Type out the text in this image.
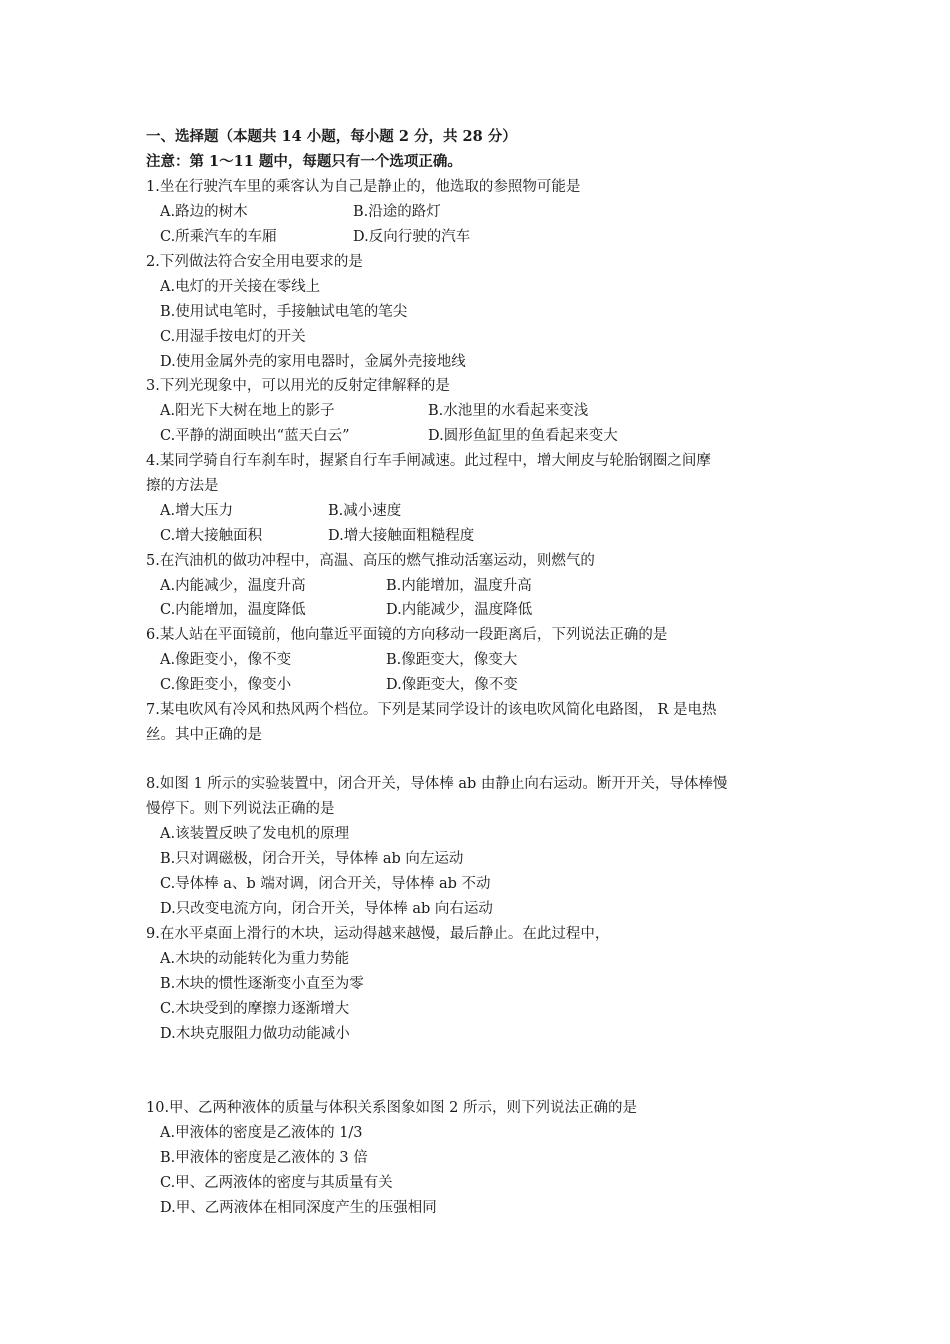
一、选择题（本题共 14 小题，每小题 2 分，共 28 分）
注意：第 1～11 题中，每题只有一个选项正确。
1.坐在行驶汽车里的乘客认为自己是静止的，他选取的参照物可能是
A.路边的树木	B.沿途的路灯
C.所乘汽车的车厢	D.反向行驶的汽车
2.下列做法符合安全用电要求的是
A.电灯的开关接在零线上
B.使用试电笔时，手接触试电笔的笔尖
C.用湿手按电灯的开关
D.使用金属外壳的家用电器时，金属外壳接地线
3.下列光现象中，可以用光的反射定律解释的是
A.阳光下大树在地上的影子	B.水池里的水看起来变浅
C.平静的湖面映出“蓝天白云”	D.圆形鱼缸里的鱼看起来变大
4.某同学骑自行车刹车时，握紧自行车手闸减速。此过程中，增大闸皮与轮胎钢圈之间摩
擦的方法是
A.增大压力	B.减小速度
C.增大接触面积	D.增大接触面粗糙程度
5.在汽油机的做功冲程中，高温、高压的燃气推动活塞运动，则燃气的
A.内能减少，温度升高	B.内能增加，温度升高
C.内能增加，温度降低	D.内能减少，温度降低
6.某人站在平面镜前，他向靠近平面镜的方向移动一段距离后，下列说法正确的是
A.像距变小，像不变	B.像距变大，像变大
C.像距变小，像变小	D.像距变大，像不变
7.某电吹风有冷风和热风两个档位。下列是某同学设计的该电吹风简化电路图， R 是电热
丝。其中正确的是
8.如图 1 所示的实验装置中，闭合开关，导体棒 ab 由静止向右运动。断开开关，导体棒慢
慢停下。则下列说法正确的是
A.该装置反映了发电机的原理
B.只对调磁极，闭合开关，导体棒 ab 向左运动
C.导体棒 a、b 端对调，闭合开关，导体棒 ab 不动
D.只改变电流方向，闭合开关，导体棒 ab 向右运动
9.在水平桌面上滑行的木块，运动得越来越慢，最后静止。在此过程中，
A.木块的动能转化为重力势能
B.木块的惯性逐渐变小直至为零
C.木块受到的摩擦力逐渐增大
D.木块克服阻力做功动能减小
10.甲、乙两种液体的质量与体积关系图象如图 2 所示，则下列说法正确的是
A.甲液体的密度是乙液体的 1/3
B.甲液体的密度是乙液体的 3 倍
C.甲、乙两液体的密度与其质量有关
D.甲、乙两液体在相同深度产生的压强相同
